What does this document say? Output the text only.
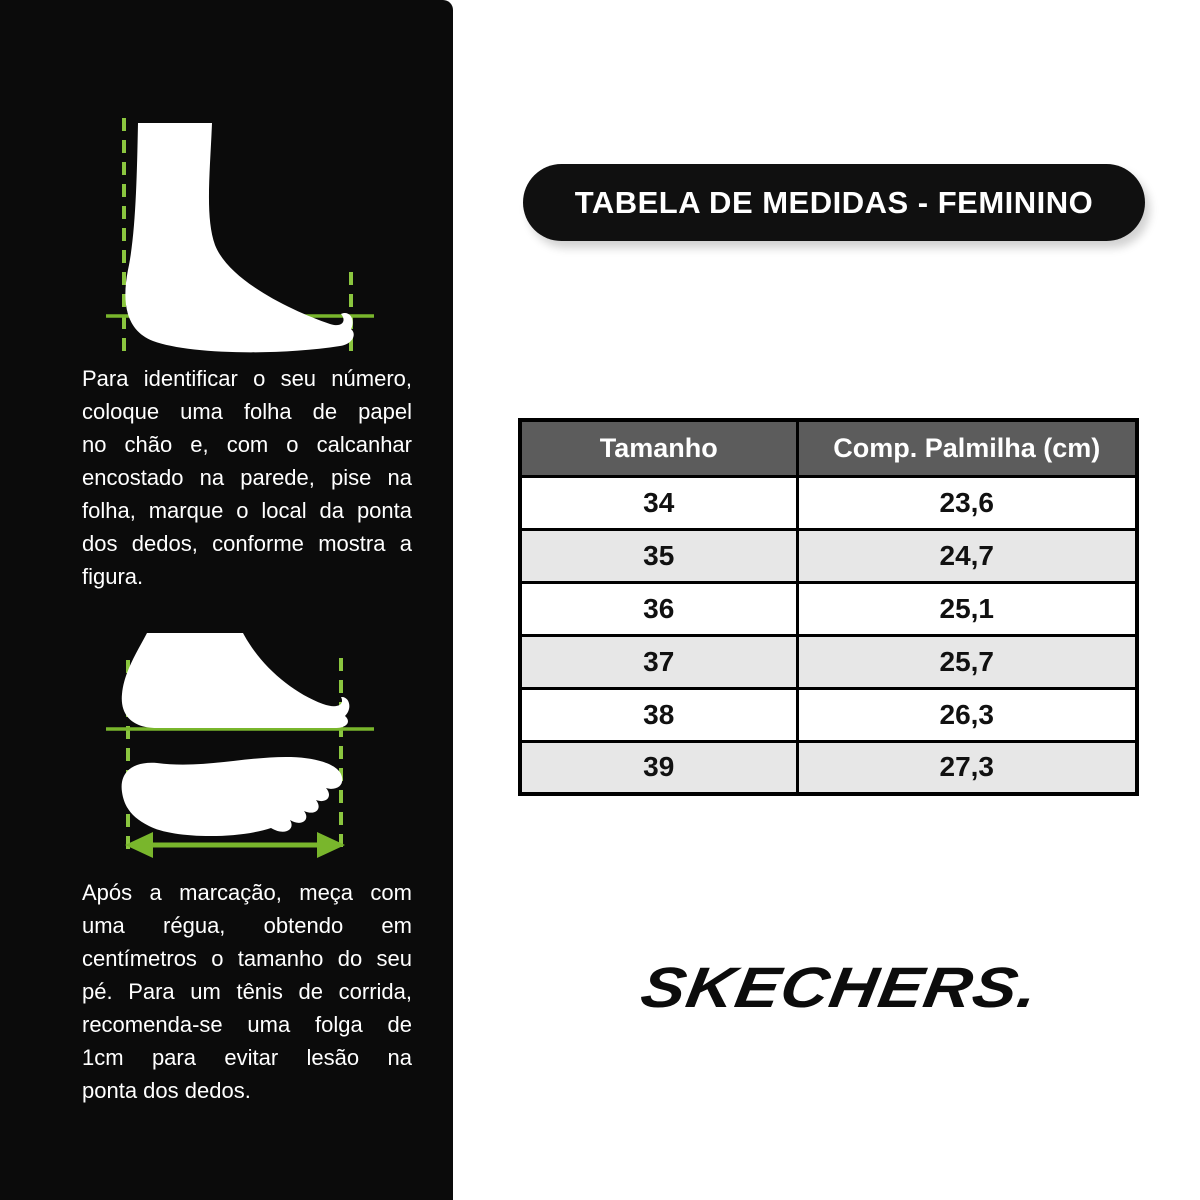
Para identificar o seu número,
coloque uma folha de papel
no chão e, com o calcanhar
encostado na parede, pise na
folha, marque o local da ponta
dos dedos, conforme mostra a
figura.
Após a marcação, meça com
uma régua, obtendo em
centímetros o tamanho do seu
pé. Para um tênis de corrida,
recomenda-se uma folga de
1cm para evitar lesão na
ponta dos dedos.
TABELA DE MEDIDAS - FEMININO
Tamanho	Comp. Palmilha (cm)
34	23,6
35	24,7
36	25,1
37	25,7
38	26,3
39	27,3
SKECHERS.
